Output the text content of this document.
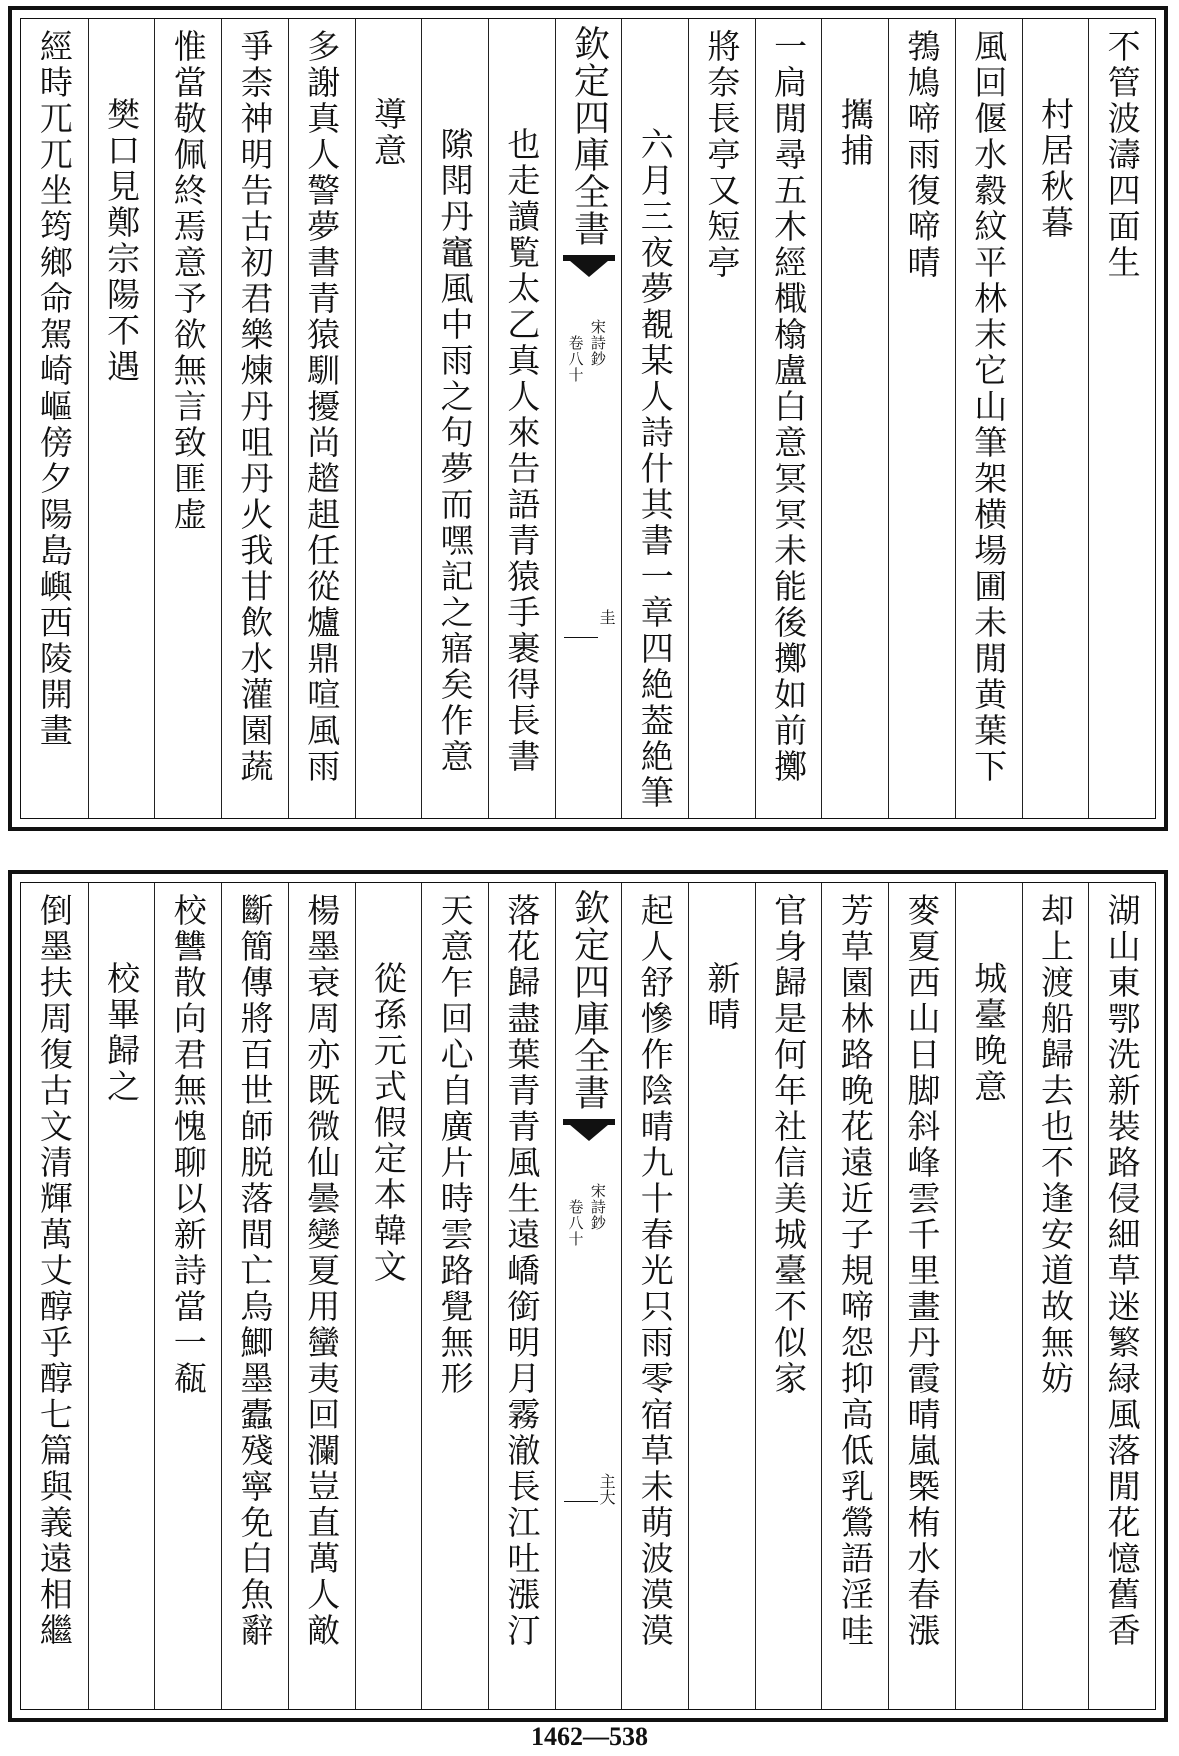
不管波濤四面生
村居秋暮
風回偃水縠紋平林末它山筆架横場圃未閒黄葉下
鵓鳩啼雨復啼晴
𢹂捕
一扃閒尋五木經檝㯓盧白意冥冥未能後擲如前擲
將奈長亭又短亭
六月三夜夢覩某人詩什其書一章四絶葢絶筆
欽定四庫全書
宋詩鈔
卷八十
圭
也走讀覧太乙真人來告語青猿手裹得長書
𨻶閗丹竈風中雨之句夢而嘿記之寤矣作意
導意
多謝真人警夢書青猿馴擾尚趦趄任從爐鼎喧風雨
爭柰神明告古初君樂煉丹咀丹火我甘飲水灌園蔬
惟當敬佩終焉意予欲無言致匪虚
樊口見鄭宗陽不遇
經時兀兀坐筠鄉命駕崎嶇傍夕陽島嶼西陵開畫
湖山東鄂洗新裝路侵細草迷繁緑風落閒花憶舊香
却上渡船歸去也不逢安道故無妨
城臺晚意
麥夏西山日脚斜峰雲千里畫丹霞晴嵐㮣栯水春漲
芳草園林路晚花遠近子規啼怨抑高低乳鶯語淫哇
官身歸是何年社信美城臺不似家
新晴
起人舒慘作陰晴九十春光只雨零宿草未萌波漠漠
欽定四庫全書
宋詩鈔
卷八十
主大
落花歸盡葉青青風生遠嶠銜明月霧澈長江吐漲汀
天意乍回心自廣片時雲路覺無形
從孫元式假定本韓文
楊墨衰周亦既微仙曇變夏用蠻夷回瀾豈直萬人敵
斷簡傳將百世師脱落間亡烏鯽墨蠹殘寧免白魚辭
校讐散向君無愧聊以新詩當一瓻
校畢歸之
倒墨扶周復古文清輝萬丈醇乎醇七篇與義遠相繼
1462—538
